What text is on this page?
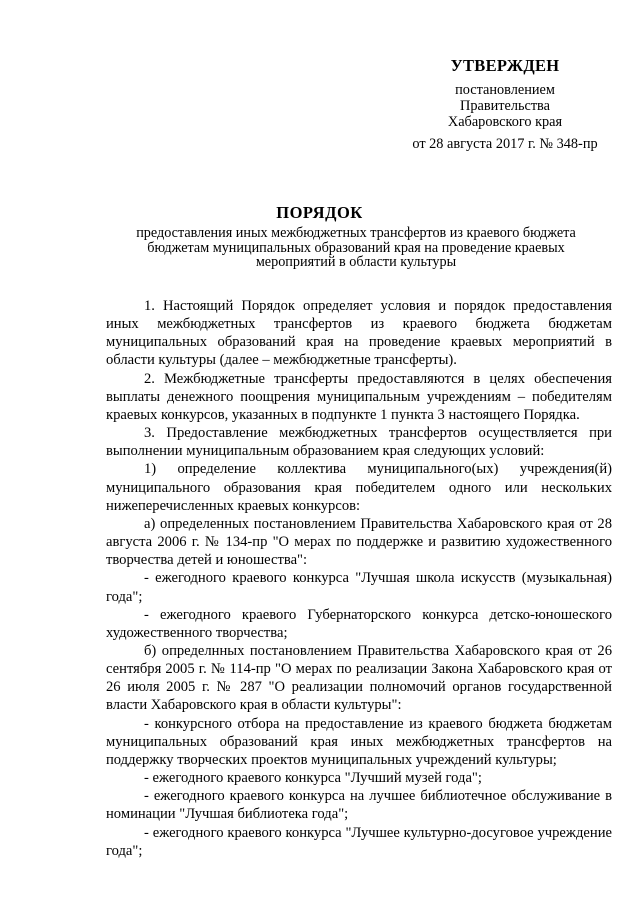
УТВЕРЖДЕН
постановлением
Правительства
Хабаровского края
от 28 августа 2017 г. № 348-пр
ПОРЯДОК
предоставления иных межбюджетных трансфертов из краевого бюджета бюджетам муниципальных образований края на проведение краевых мероприятий в области культуры

1. Настоящий Порядок определяет условия и порядок предоставления иных межбюджетных трансфертов из краевого бюджета бюджетам муниципальных образований края на проведение краевых мероприятий в области культуры (далее – межбюджетные трансферты).

2. Межбюджетные трансферты предоставляются в целях обеспечения выплаты денежного поощрения муниципальным учреждениям – победителям краевых конкурсов, указанных в подпункте 1 пункта 3 настоящего Порядка.

3. Предоставление межбюджетных трансфертов осуществляется при выполнении муниципальным образованием края следующих условий:

1) определение коллектива муниципального(ых) учреждения(й) муниципального образования края победителем одного или нескольких нижеперечисленных краевых конкурсов:

а) определенных постановлением Правительства Хабаровского края от 28 августа 2006 г. № 134-пр "О мерах по поддержке и развитию художественного творчества детей и юношества":

- ежегодного краевого конкурса "Лучшая школа искусств (музыкальная) года";

- ежегодного краевого Губернаторского конкурса детско-юношеского художественного творчества;

б) определнных постановлением Правительства Хабаровского края от 26 сентября 2005 г. № 114-пр "О мерах по реализации Закона Хабаровского края от 26 июля 2005 г. № 287 "О реализации полномочий органов государственной власти Хабаровского края в области культуры":

- конкурсного отбора на предоставление из краевого бюджета бюджетам муниципальных образований края иных межбюджетных трансфертов на поддержку творческих проектов муниципальных учреждений культуры;

- ежегодного краевого конкурса "Лучший музей года";

- ежегодного краевого конкурса на лучшее библиотечное обслуживание в номинации "Лучшая библиотека года";

- ежегодного краевого конкурса "Лучшее культурно-досуговое учреждение года";
